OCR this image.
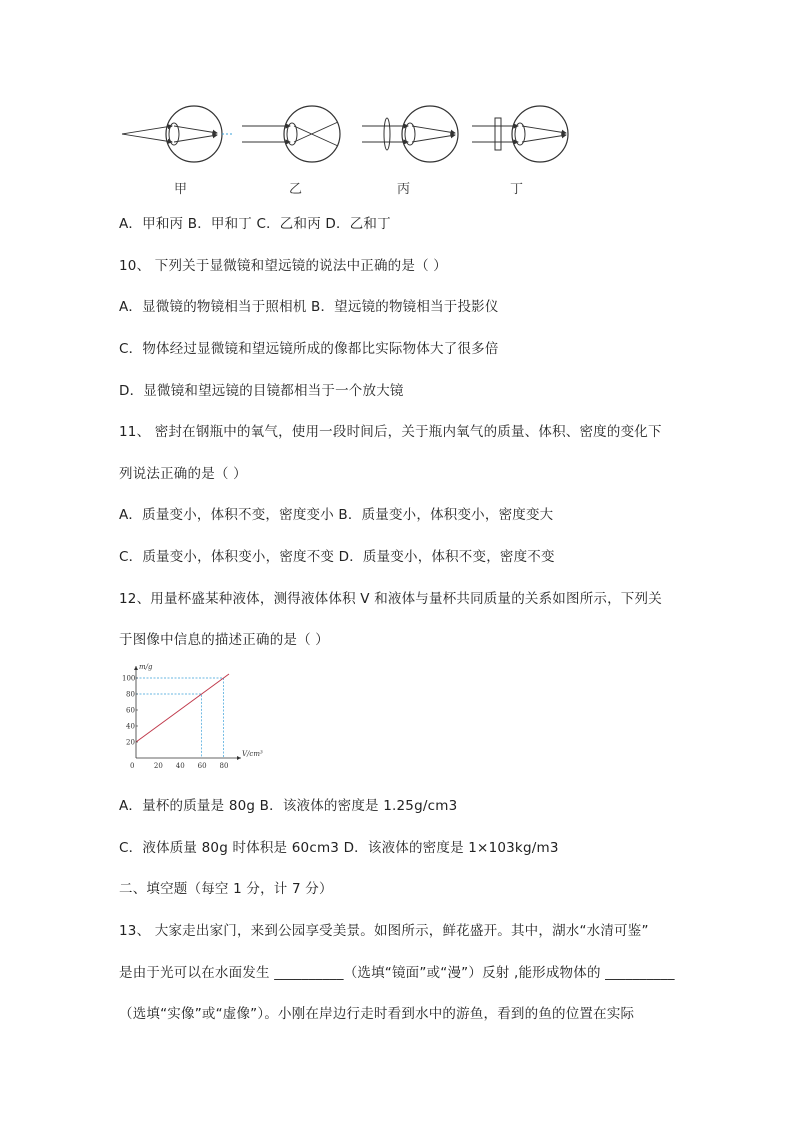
甲	乙	丙	丁
A．甲和丙 B．甲和丁 C．乙和丙 D．乙和丁
10、 下列关于显微镜和望远镜的说法中正确的是（ ）
A．显微镜的物镜相当于照相机 B．望远镜的物镜相当于投影仪
C．物体经过显微镜和望远镜所成的像都比实际物体大了很多倍
D．显微镜和望远镜的目镜都相当于一个放大镜
11、 密封在钢瓶中的氧气，使用一段时间后，关于瓶内氧气的质量、体积、密度的变化下
列说法正确的是（ ）
A．质量变小，体积不变，密度变小 B．质量变小，体积变小，密度变大
C．质量变小，体积变小，密度不变 D．质量变小，体积不变，密度不变
12、用量杯盛某种液体，测得液体体积 V 和液体与量杯共同质量的关系如图所示，下列关
于图像中信息的描述正确的是（ ）
0	20 40 60 80
20
40
60
80
100
m/g
V/cm³
A．量杯的质量是 80g B．该液体的密度是 1.25g/cm3
C．液体质量 80g 时体积是 60cm3 D．该液体的密度是 1×103kg/m3
二、填空题（每空 1 分，计 7 分）
13、 大家走出家门，来到公园享受美景。如图所示，鲜花盛开。其中，湖水“水清可鉴”
是由于光可以在水面发生 __________（选填“镜面”或“漫”）反射 ,能形成物体的 __________
（选填“实像”或“虚像”）。小刚在岸边行走时看到水中的游鱼，看到的鱼的位置在实际
